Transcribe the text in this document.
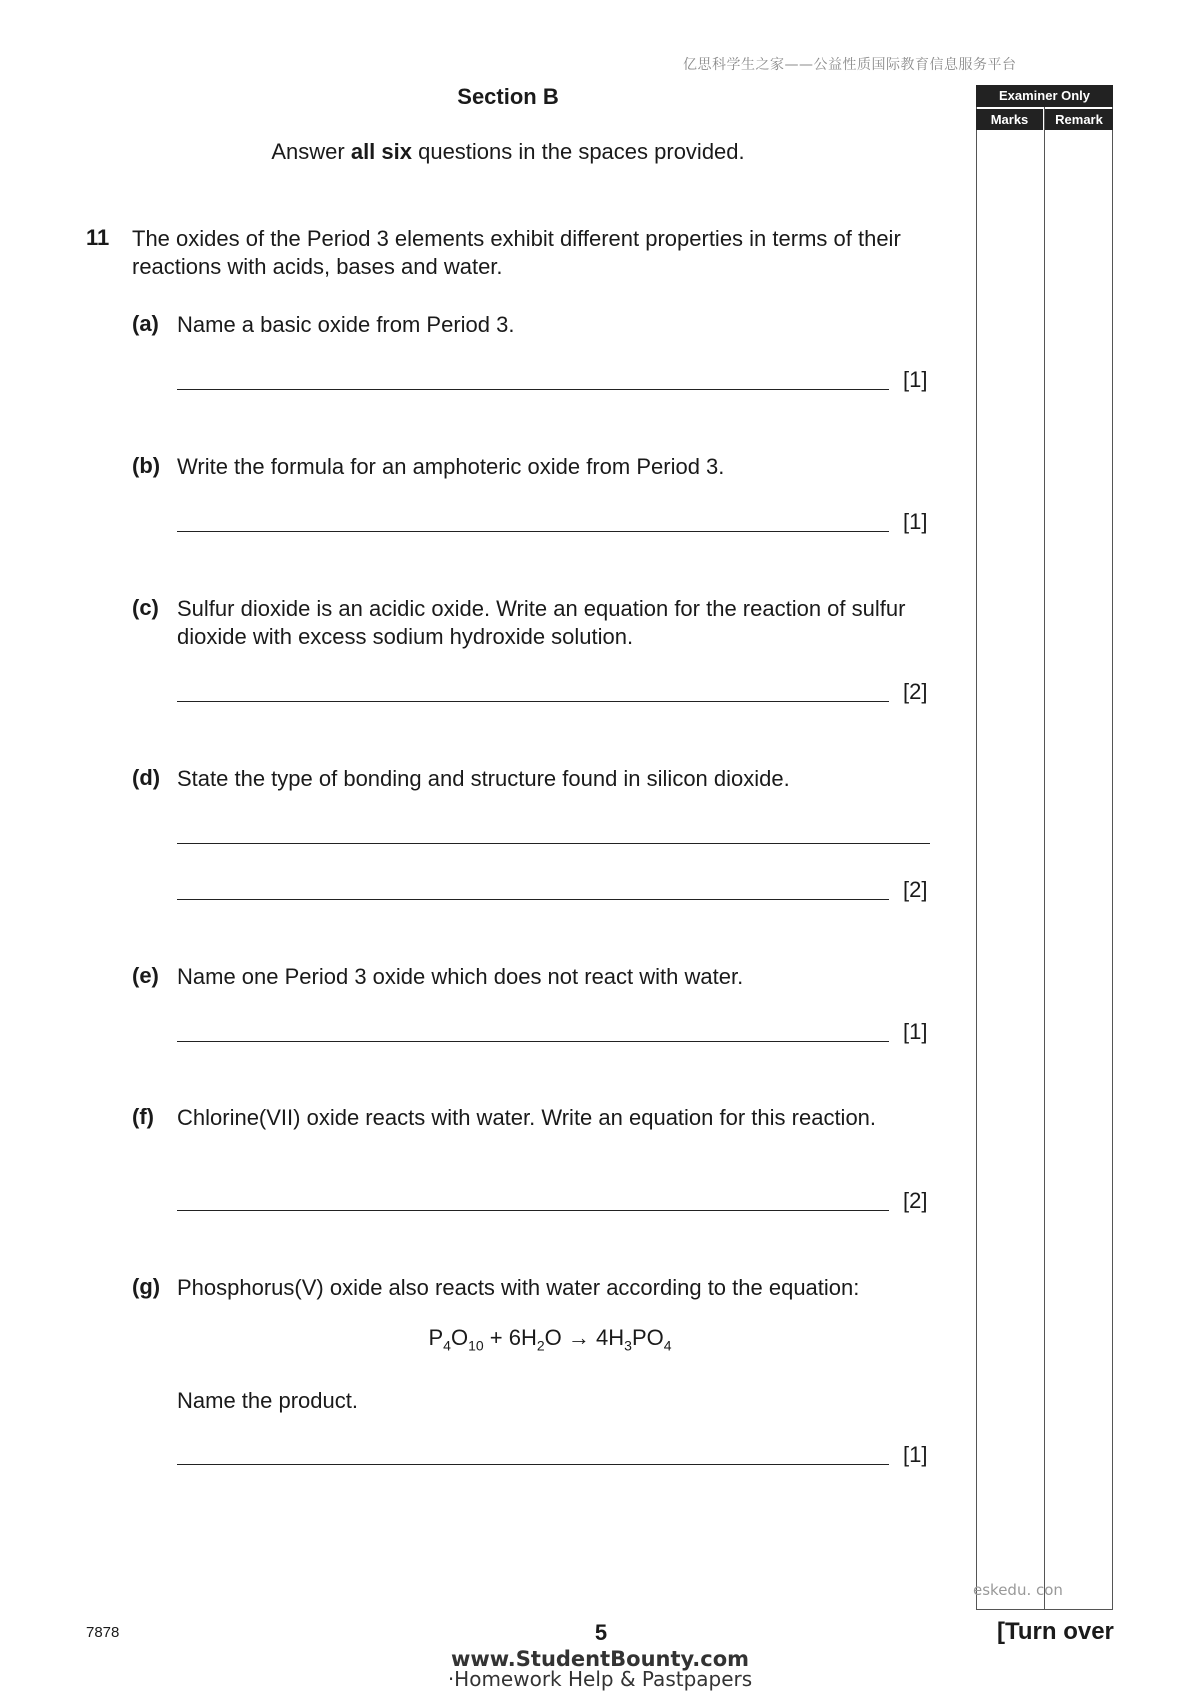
亿思科学生之家——公益性质国际教育信息服务平台
Section B
Answer all six questions in the spaces provided.
11 The oxides of the Period 3 elements exhibit different properties in terms of their reactions with acids, bases and water.
(a) Name a basic oxide from Period 3.
[1]
(b) Write the formula for an amphoteric oxide from Period 3.
[1]
(c) Sulfur dioxide is an acidic oxide. Write an equation for the reaction of sulfur dioxide with excess sodium hydroxide solution.
[2]
(d) State the type of bonding and structure found in silicon dioxide.
[2]
(e) Name one Period 3 oxide which does not react with water.
[1]
(f) Chlorine(VII) oxide reacts with water. Write an equation for this reaction.
[2]
(g) Phosphorus(V) oxide also reacts with water according to the equation:
$P_4O_{10} + 6H_2O \to 4H_3PO_4$
Name the product.
[1]
Examiner Only
Marks	Remark
eskedu. con
7878	5	[Turn over
www.StudentBounty.com
·Homework Help & Pastpapers
